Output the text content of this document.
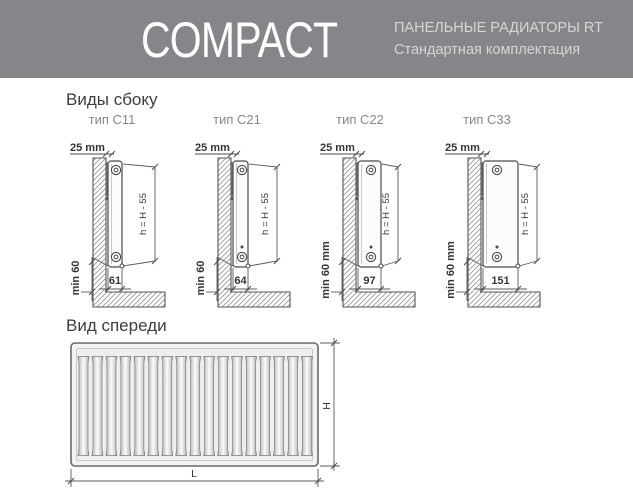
COMPACT	ПАНЕЛЬНЫЕ РАДИАТОРЫ RT
Стандартная комплектация
Виды сбоку
тип C11	тип C21	тип C22	тип C33
25 mm
h = H - 55
61
min 60
25 mm
h = H - 55
64
min 60
25 mm
h = H - 55
97
min 60 mm
25 mm
h = H - 55
151
min 60 mm
Вид спереди
H
L
